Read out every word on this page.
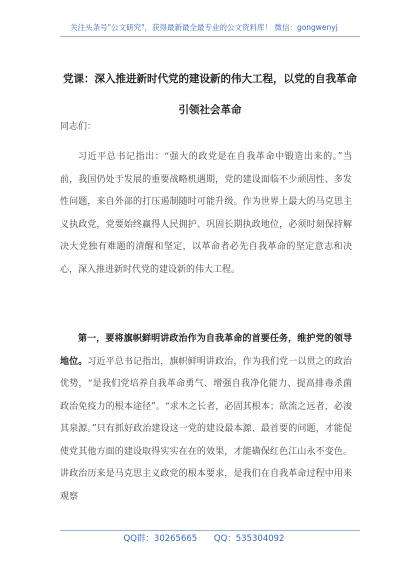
关注头条号"公文研究"，获得最新最全最专业的公文资料库！ 微信：gongwenyj
党课：深入推进新时代党的建设新的伟大工程，以党的自我革命引领社会革命
同志们：
习近平总书记指出：“强大的政党是在自我革命中锻造出来的。”当前，我国仍处于发展的重要战略机遇期，党的建设面临不少顽固性、多发性问题，来自外部的打压遏制随时可能升级。作为世界上最大的马克思主义执政党，党要始终赢得人民拥护、巩固长期执政地位，必须时刻保持解决大党独有难题的清醒和坚定，以革命者必先自我革命的坚定意志和决心，深入推进新时代党的建设新的伟大工程。
第一，要将旗帜鲜明讲政治作为自我革命的首要任务，维护党的领导地位。习近平总书记指出，旗帜鲜明讲政治，作为我们党一以贯之的政治优势，“是我们党培养自我革命勇气、增强自我净化能力、提高排毒杀菌政治免疫力的根本途径”。“求木之长者，必固其根本；欲流之远者，必浚其泉源。”只有抓好政治建设这一党的建设最本源、最首要的问题，才能促使党其他方面的建设取得实实在在的效果，才能确保红色江山永不变色。讲政治历来是马克思主义政党的根本要求，是我们在自我革命过程中用来观察
QQ群：30265665 QQ：535304092
